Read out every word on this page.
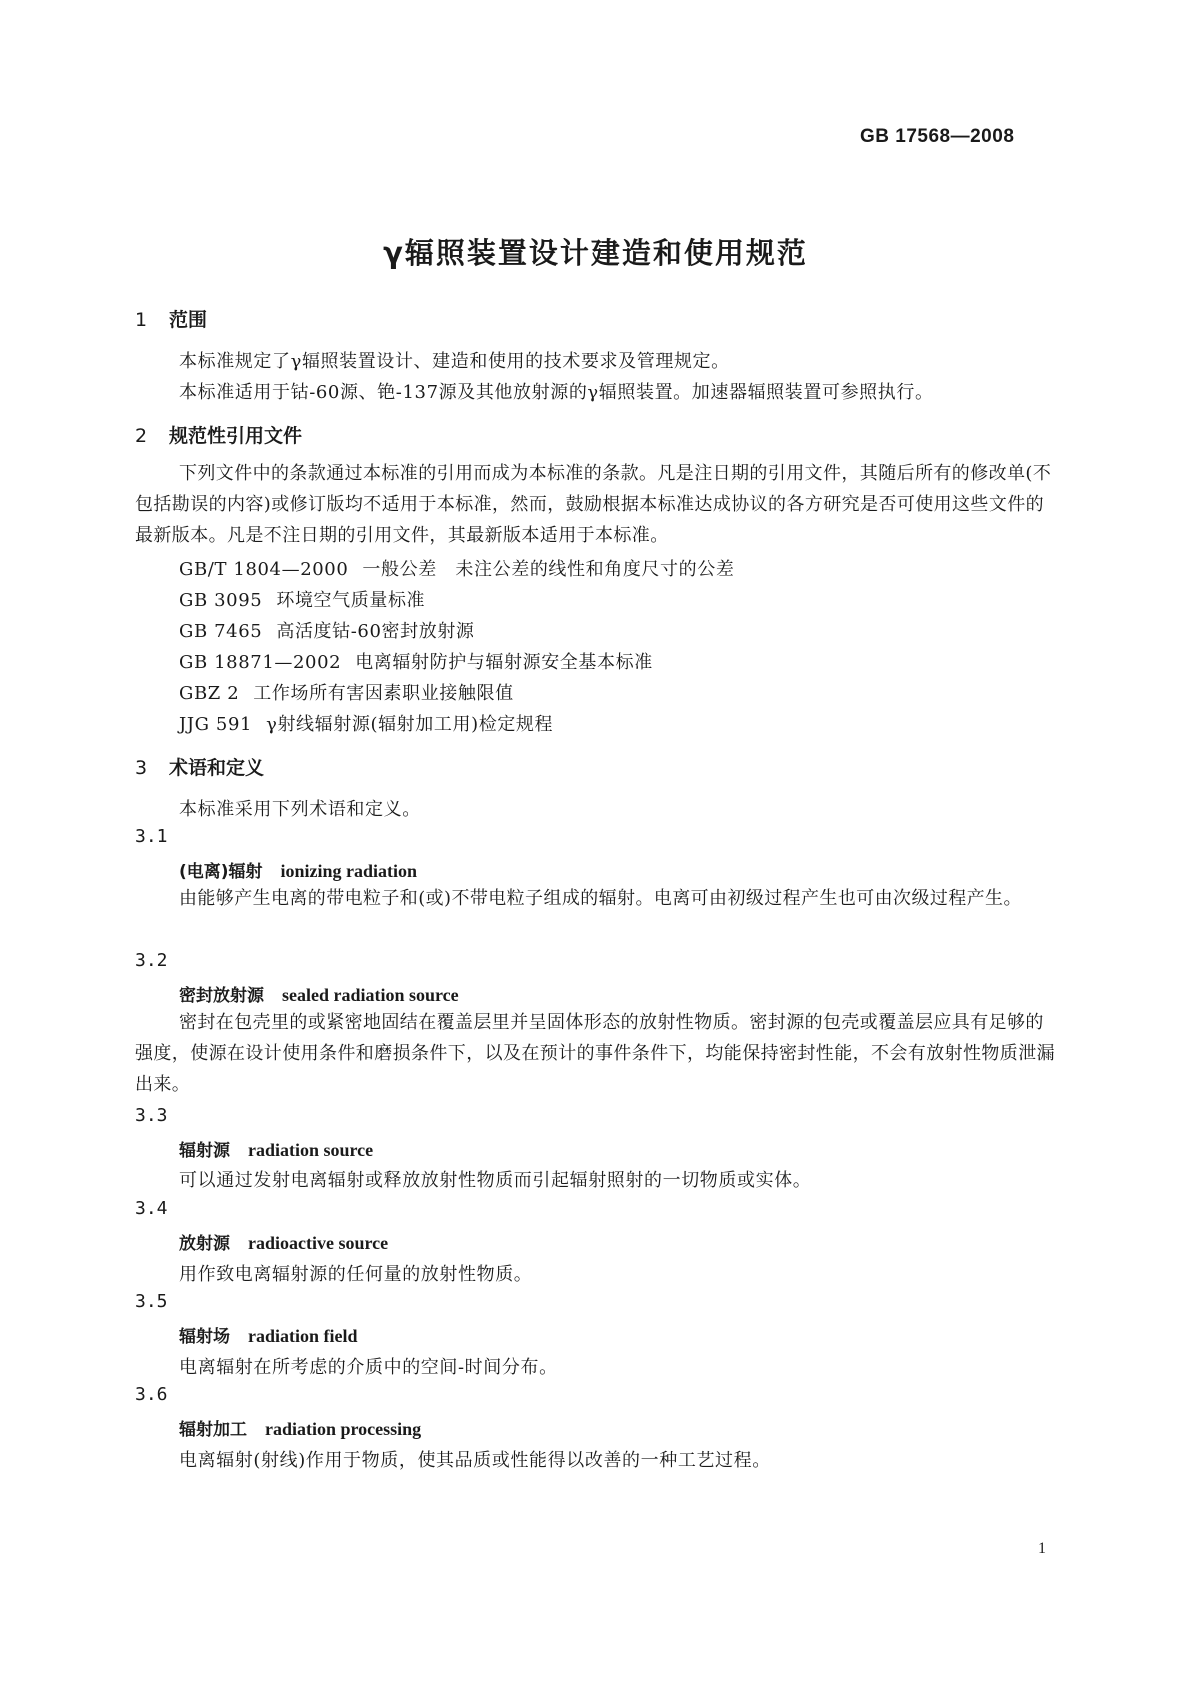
GB 17568—2008
γ辐照装置设计建造和使用规范
1 范围
本标准规定了γ辐照装置设计、建造和使用的技术要求及管理规定。
本标准适用于钴-60源、铯-137源及其他放射源的γ辐照装置。加速器辐照装置可参照执行。
2 规范性引用文件
下列文件中的条款通过本标准的引用而成为本标准的条款。凡是注日期的引用文件，其随后所有的修改单(不包括勘误的内容)或修订版均不适用于本标准，然而，鼓励根据本标准达成协议的各方研究是否可使用这些文件的最新版本。凡是不注日期的引用文件，其最新版本适用于本标准。
GB/T 1804—2000 一般公差　未注公差的线性和角度尺寸的公差
GB 3095 环境空气质量标准
GB 7465 高活度钴-60密封放射源
GB 18871—2002 电离辐射防护与辐射源安全基本标准
GBZ 2 工作场所有害因素职业接触限值
JJG 591 γ射线辐射源(辐射加工用)检定规程
3 术语和定义
本标准采用下列术语和定义。
3.1
(电离)辐射 ionizing radiation
由能够产生电离的带电粒子和(或)不带电粒子组成的辐射。电离可由初级过程产生也可由次级过程产生。
3.2
密封放射源 sealed radiation source
密封在包壳里的或紧密地固结在覆盖层里并呈固体形态的放射性物质。密封源的包壳或覆盖层应具有足够的强度，使源在设计使用条件和磨损条件下，以及在预计的事件条件下，均能保持密封性能，不会有放射性物质泄漏出来。
3.3
辐射源 radiation source
可以通过发射电离辐射或释放放射性物质而引起辐射照射的一切物质或实体。
3.4
放射源 radioactive source
用作致电离辐射源的任何量的放射性物质。
3.5
辐射场 radiation field
电离辐射在所考虑的介质中的空间-时间分布。
3.6
辐射加工 radiation processing
电离辐射(射线)作用于物质，使其品质或性能得以改善的一种工艺过程。
1
